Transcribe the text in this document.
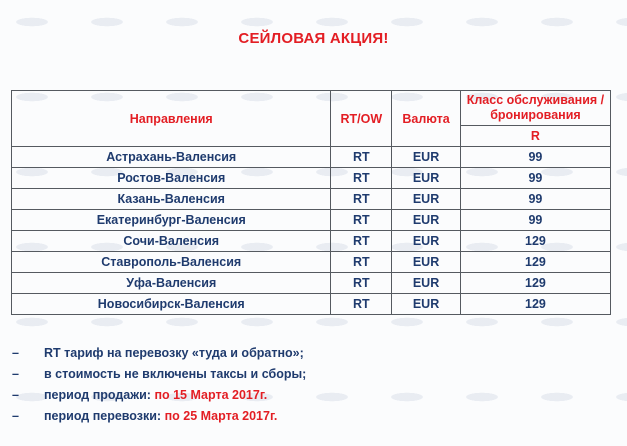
СЕЙЛОВАЯ АКЦИЯ!
Направления	RT/OW	Валюта	Класс обслуживания / бронирования
			R
Астрахань-Валенсия	RT	EUR	99
Ростов-Валенсия	RT	EUR	99
Казань-Валенсия	RT	EUR	99
Екатеринбург-Валенсия	RT	EUR	99
Сочи-Валенсия	RT	EUR	129
Ставрополь-Валенсия	RT	EUR	129
Уфа-Валенсия	RT	EUR	129
Новосибирск-Валенсия	RT	EUR	129
– RT тариф на перевозку «туда и обратно»;
– в стоимость не включены таксы и сборы;
– период продажи: по 15 Марта 2017г.
– период перевозки: по 25 Марта 2017г.
